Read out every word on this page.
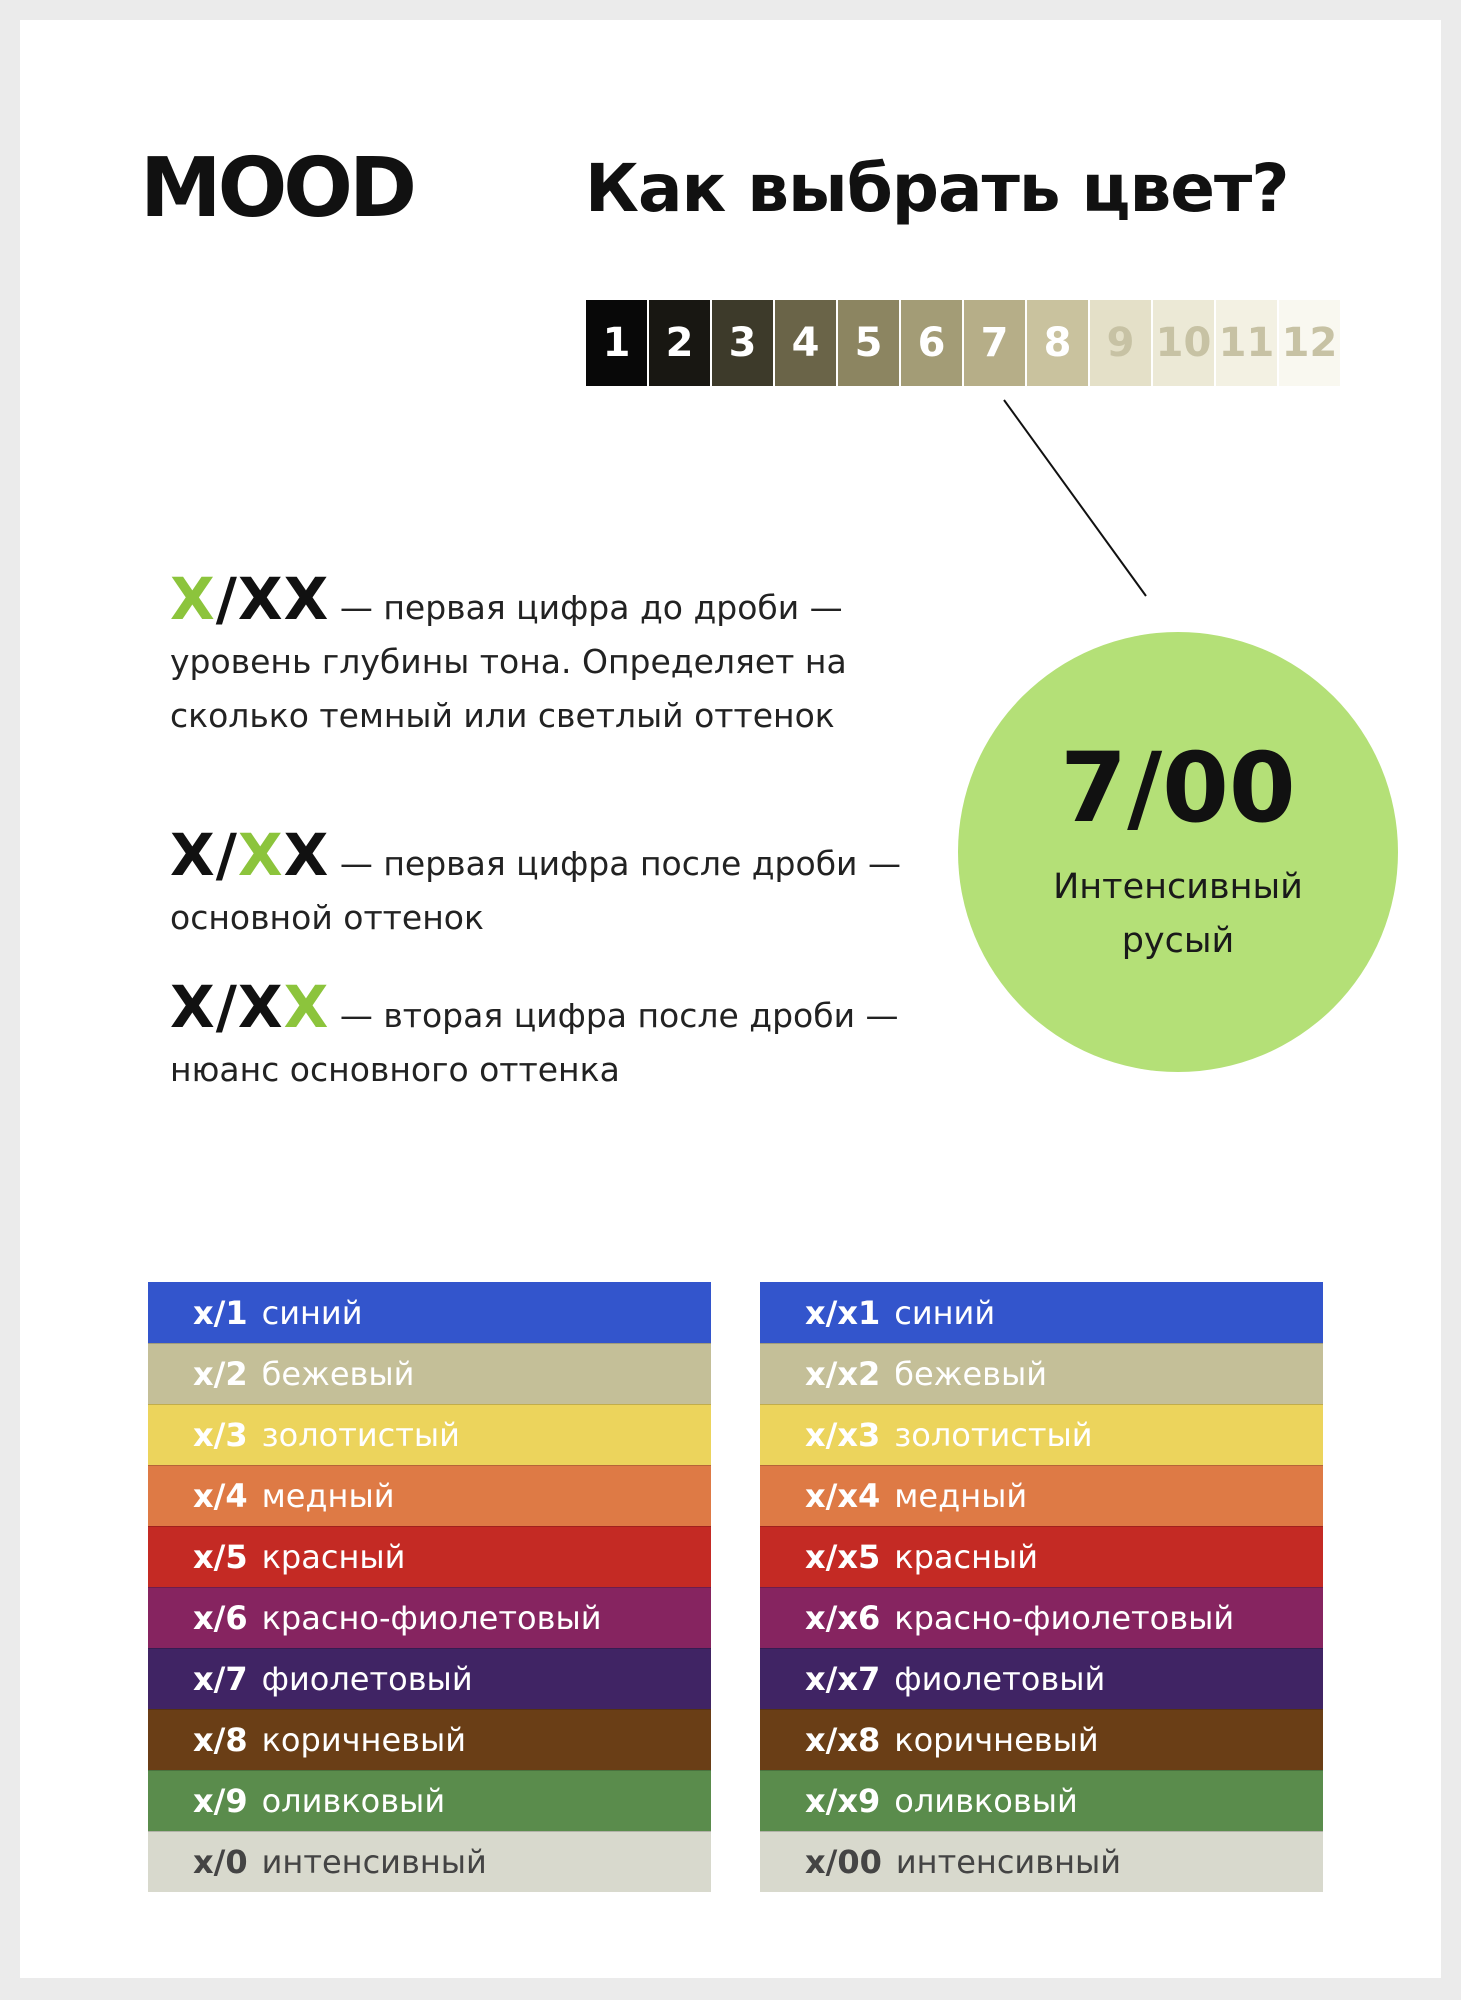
MOOD	Как выбрать цвет?
1 2 3 4 5 6 7 8 9 10 11 12
X/XX — первая цифра до дроби — уровень глубины тона. Определяет на сколько темный или светлый оттенок
X/XX — первая цифра после дроби — основной оттенок
X/XX — вторая цифра после дроби — нюанс основного оттенка
7/00
Интенсивный русый
x/1 синий
x/2 бежевый
x/3 золотистый
x/4 медный
x/5 красный
x/6 красно-фиолетовый
x/7 фиолетовый
x/8 коричневый
x/9 оливковый
x/0 интенсивный
x/x1 синий
x/x2 бежевый
x/x3 золотистый
x/x4 медный
x/x5 красный
x/x6 красно-фиолетовый
x/x7 фиолетовый
x/x8 коричневый
x/x9 оливковый
x/00 интенсивный
